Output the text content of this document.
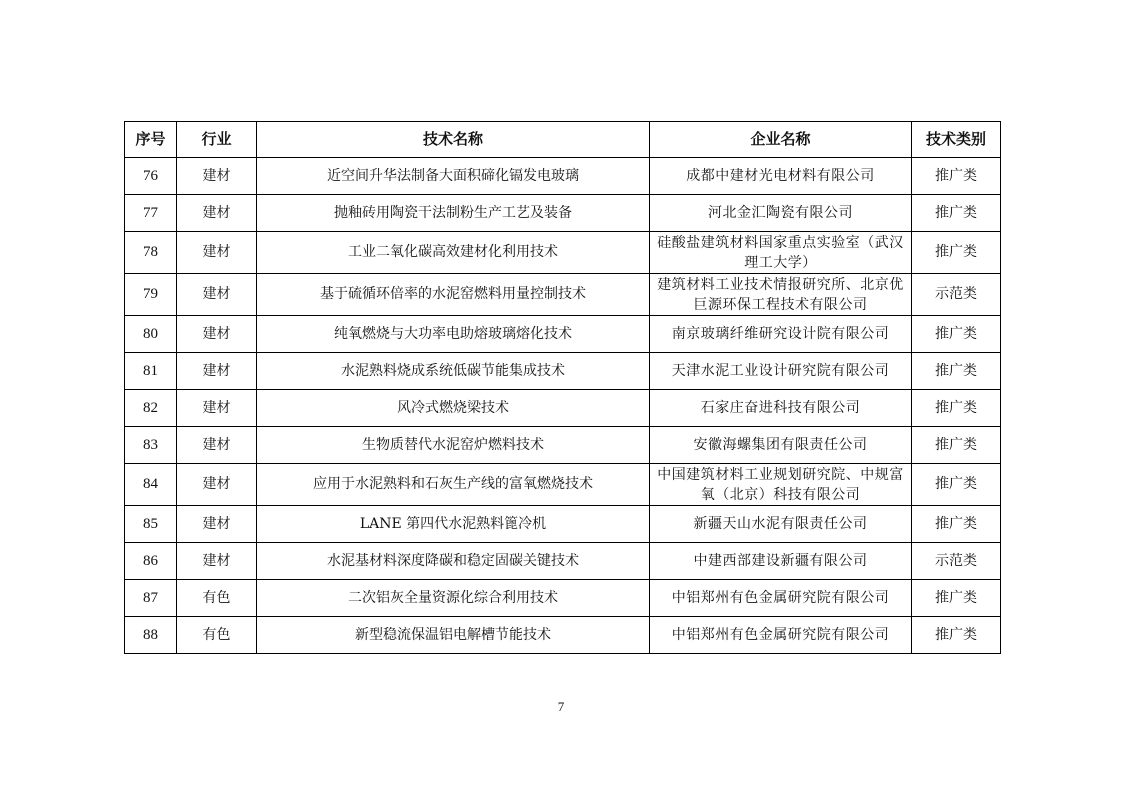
序号	行业	技术名称	企业名称	技术类别
76	建材	近空间升华法制备大面积碲化镉发电玻璃	成都中建材光电材料有限公司	推广类
77	建材	抛釉砖用陶瓷干法制粉生产工艺及装备	河北金汇陶瓷有限公司	推广类
78	建材	工业二氧化碳高效建材化利用技术	硅酸盐建筑材料国家重点实验室（武汉理工大学）	推广类
79	建材	基于硫循环倍率的水泥窑燃料用量控制技术	建筑材料工业技术情报研究所、北京优巨源环保工程技术有限公司	示范类
80	建材	纯氧燃烧与大功率电助熔玻璃熔化技术	南京玻璃纤维研究设计院有限公司	推广类
81	建材	水泥熟料烧成系统低碳节能集成技术	天津水泥工业设计研究院有限公司	推广类
82	建材	风冷式燃烧梁技术	石家庄奋进科技有限公司	推广类
83	建材	生物质替代水泥窑炉燃料技术	安徽海螺集团有限责任公司	推广类
84	建材	应用于水泥熟料和石灰生产线的富氧燃烧技术	中国建筑材料工业规划研究院、中规富氧（北京）科技有限公司	推广类
85	建材	LANE 第四代水泥熟料篦冷机	新疆天山水泥有限责任公司	推广类
86	建材	水泥基材料深度降碳和稳定固碳关键技术	中建西部建设新疆有限公司	示范类
87	有色	二次铝灰全量资源化综合利用技术	中铝郑州有色金属研究院有限公司	推广类
88	有色	新型稳流保温铝电解槽节能技术	中铝郑州有色金属研究院有限公司	推广类
7
